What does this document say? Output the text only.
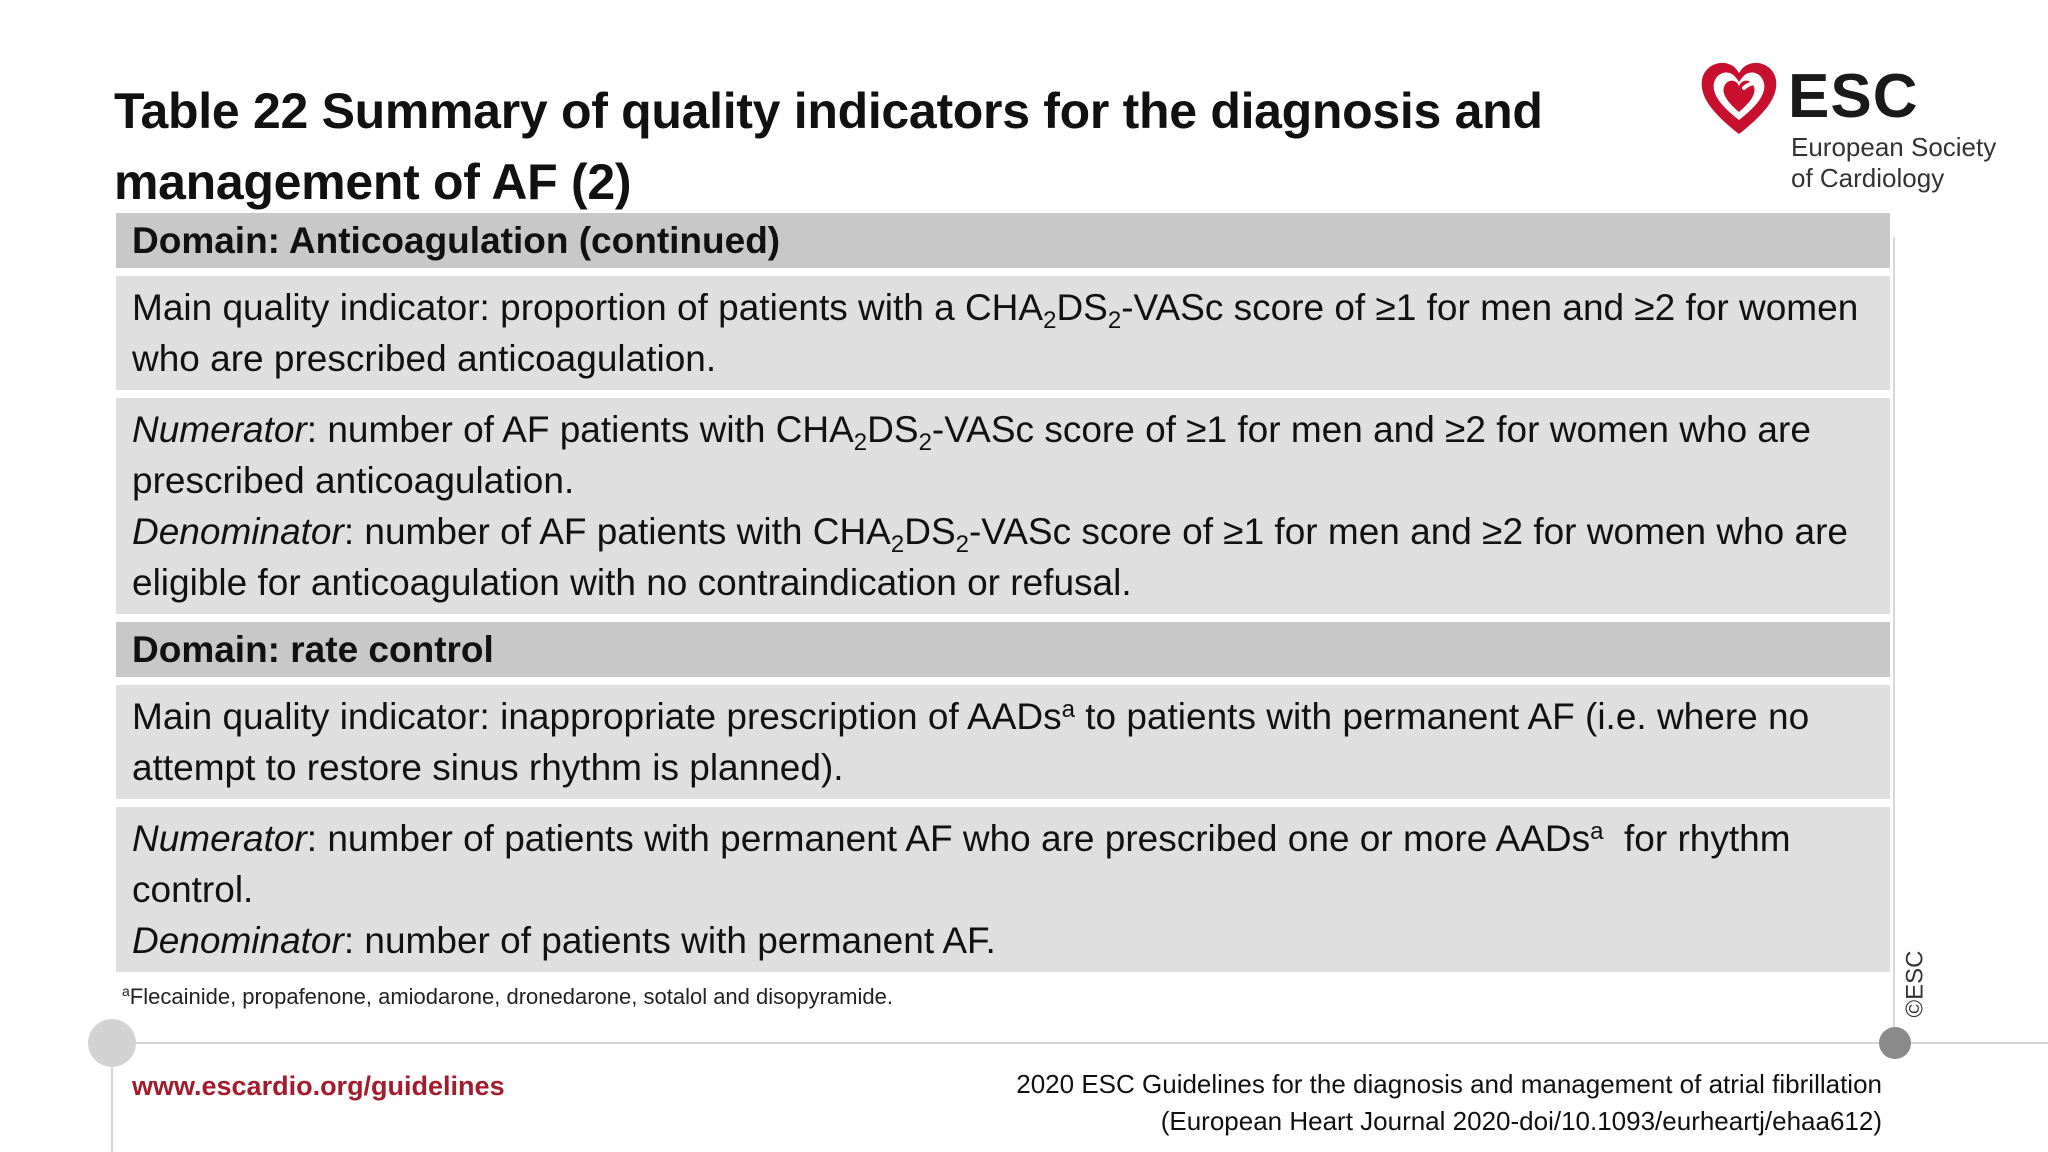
Table 22 Summary of quality indicators for the diagnosis and management of AF (2)
ESC
European Society
of Cardiology
Domain: Anticoagulation (continued)
Main quality indicator: proportion of patients with a $CHA_2DS_2$-VASc score of ≥1 for men and ≥2 for women who are prescribed anticoagulation.

Numerator: number of AF patients with $CHA_2DS_2$-VASc score of ≥1 for men and ≥2 for women who are prescribed anticoagulation.
Denominator: number of AF patients with $CHA_2DS_2$-VASc score of ≥1 for men and ≥2 for women who are eligible for anticoagulation with no contraindication or refusal.

Domain: rate control
Main quality indicator: inappropriate prescription of AADs$^a$ to patients with permanent AF (i.e. where no attempt to restore sinus rhythm is planned).

Numerator: number of patients with permanent AF who are prescribed one or more AADs$^a$  for rhythm control.
Denominator: number of patients with permanent AF.
$^a$Flecainide, propafenone, amiodarone, dronedarone, sotalol and disopyramide.	©ESC
www.escardio.org/guidelines	2020 ESC Guidelines for the diagnosis and management of atrial fibrillation
(European Heart Journal 2020-doi/10.1093/eurheartj/ehaa612)
